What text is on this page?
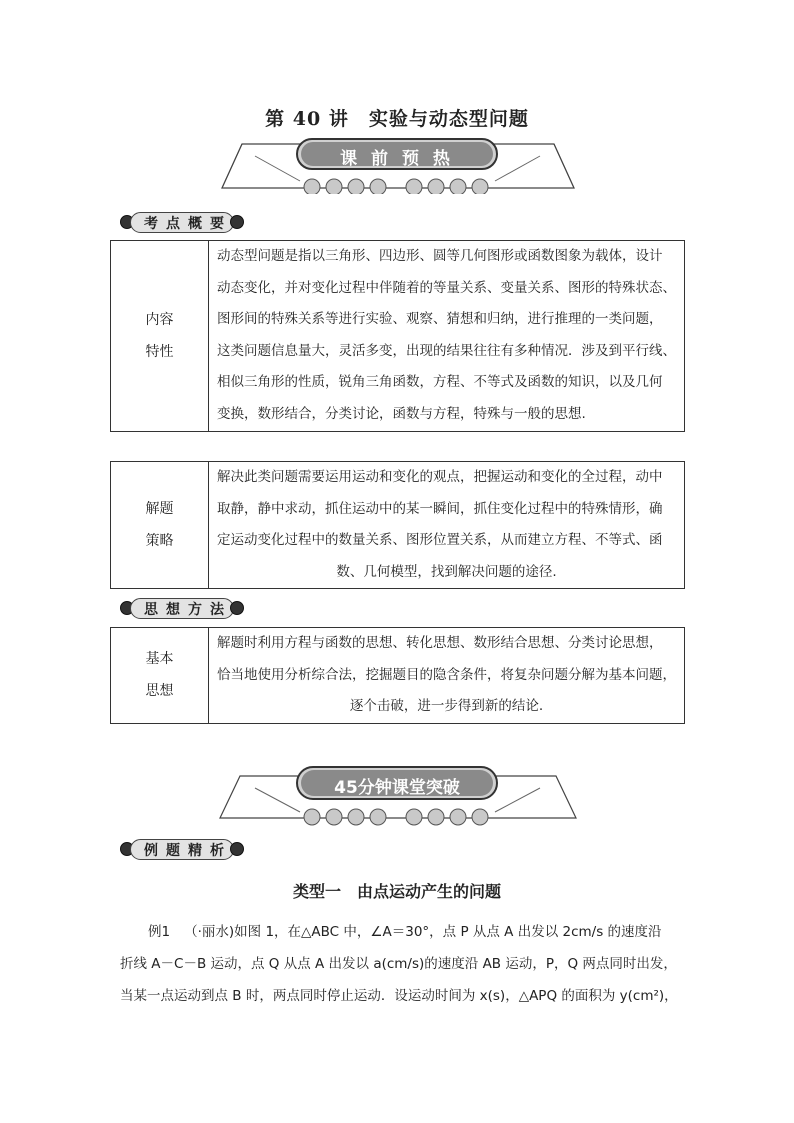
第 40 讲　实验与动态型问题
课 前 预 热
考点概要
内容
特性

动态型问题是指以三角形、四边形、圆等几何图形或函数图象为载体，设计
动态变化，并对变化过程中伴随着的等量关系、变量关系、图形的特殊状态、
图形间的特殊关系等进行实验、观察、猜想和归纳，进行推理的一类问题，
这类问题信息量大，灵活多变，出现的结果往往有多种情况．涉及到平行线、
相似三角形的性质，锐角三角函数，方程、不等式及函数的知识，以及几何
变换，数形结合，分类讨论，函数与方程，特殊与一般的思想.
解题
策略

解决此类问题需要运用运动和变化的观点，把握运动和变化的全过程，动中
取静，静中求动，抓住运动中的某一瞬间，抓住变化过程中的特殊情形，确
定运动变化过程中的数量关系、图形位置关系，从而建立方程、不等式、函
数、几何模型，找到解决问题的途径.
思想方法
基本
思想

解题时利用方程与函数的思想、转化思想、数形结合思想、分类讨论思想，
恰当地使用分析综合法，挖掘题目的隐含条件，将复杂问题分解为基本问题，
逐个击破，进一步得到新的结论.
45分钟课堂突破
例题精析
类型一　由点运动产生的问题
例1 （·丽水)如图 1，在△ABC 中，∠A＝30°，点 P 从点 A 出发以 2cm/s 的速度沿
折线 A－C－B 运动，点 Q 从点 A 出发以 a(cm/s)的速度沿 AB 运动，P，Q 两点同时出发，
当某一点运动到点 B 时，两点同时停止运动．设运动时间为 x(s)，△APQ 的面积为 y(cm²)，
